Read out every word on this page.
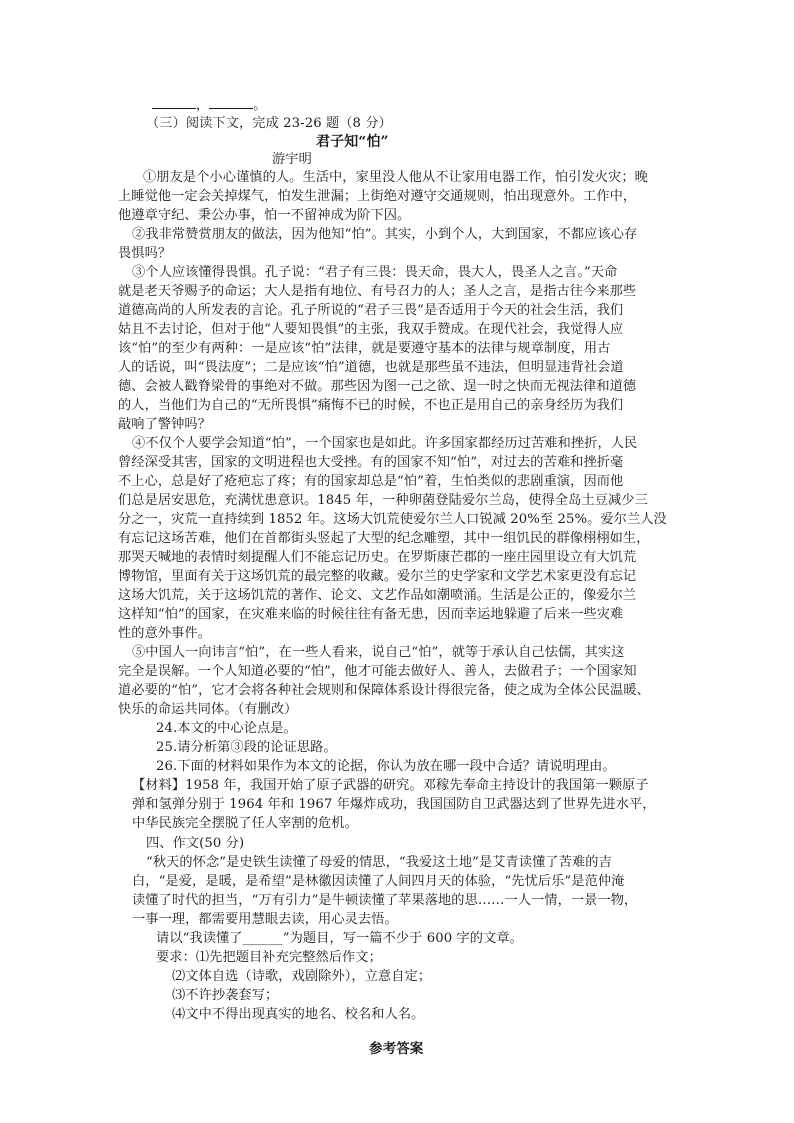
，	。
（三）阅读下文，完成 23-26 题（8 分）
君子知“怕”
游宇明
①朋友是个小心谨慎的人。生活中，家里没人他从不让家用电器工作，怕引发火灾；晚
上睡觉他一定会关掉煤气，怕发生泄漏；上街绝对遵守交通规则，怕出现意外。工作中，
他遵章守纪、秉公办事，怕一不留神成为阶下囚。
②我非常赞赏朋友的做法，因为他知“怕”。其实，小到个人，大到国家，不都应该心存
畏惧吗？
③个人应该懂得畏惧。孔子说：“君子有三畏：畏天命，畏大人，畏圣人之言。”天命
就是老天爷赐予的命运；大人是指有地位、有号召力的人；圣人之言，是指古往今来那些
道德高尚的人所发表的言论。孔子所说的“君子三畏”是否适用于今天的社会生活，我们
姑且不去讨论，但对于他“人要知畏惧”的主张，我双手赞成。在现代社会，我觉得人应
该“怕”的至少有两种：一是应该“怕”法律，就是要遵守基本的法律与规章制度，用古
人的话说，叫“畏法度”；二是应该“怕”道德，也就是那些虽不违法，但明显违背社会道
德、会被人戳脊梁骨的事绝对不做。那些因为图一己之欲、逞一时之快而无视法律和道德
的人，当他们为自己的“无所畏惧”痛悔不已的时候，不也正是用自己的亲身经历为我们
敲响了警钟吗？
④不仅个人要学会知道“怕”，一个国家也是如此。许多国家都经历过苦难和挫折，人民
曾经深受其害，国家的文明进程也大受挫。有的国家不知“怕”，对过去的苦难和挫折毫
不上心，总是好了疮疤忘了疼；有的国家却总是“怕”着，生怕类似的悲剧重演，因而他
们总是居安思危，充满忧患意识。1845 年，一种卵菌登陆爱尔兰岛，使得全岛土豆减少三
分之一，灾荒一直持续到 1852 年。这场大饥荒使爱尔兰人口锐减 20%至 25%。爱尔兰人没
有忘记这场苦难，他们在首都街头竖起了大型的纪念雕塑，其中一组饥民的群像栩栩如生，
那哭天喊地的表情时刻提醒人们不能忘记历史。在罗斯康芒郡的一座庄园里设立有大饥荒
博物馆，里面有关于这场饥荒的最完整的收藏。爱尔兰的史学家和文学艺术家更没有忘记
这场大饥荒，关于这场饥荒的著作、论文、文艺作品如潮喷涌。生活是公正的，像爱尔兰
这样知“怕”的国家，在灾难来临的时候往往有备无患，因而幸运地躲避了后来一些灾难
性的意外事件。
⑤中国人一向讳言“怕”，在一些人看来，说自己“怕”，就等于承认自己怯儒，其实这
完全是误解。一个人知道必要的“怕”，他才可能去做好人、善人，去做君子；一个国家知
道必要的“怕”，它才会将各种社会规则和保障体系设计得很完备，使之成为全体公民温暖、
快乐的命运共同体。（有删改）
24.本文的中心论点是。
25.请分析第③段的论证思路。
26.下面的材料如果作为本文的论据，你认为放在哪一段中合适？请说明理由。
【材料】1958 年，我国开始了原子武器的研究。邓稼先奉命主持设计的我国第一颗原子
弹和氢弹分别于 1964 年和 1967 年爆炸成功，我国国防自卫武器达到了世界先进水平，
中华民族完全摆脱了任人宰割的危机。
四、作文(50 分)
“秋天的怀念”是史铁生读懂了母爱的情思，“我爱这土地”是艾青读懂了苦难的吉
白，“是爱，是暖，是希望”是林徽因读懂了人间四月天的体验，“先忧后乐”是范仲淹
读懂了时代的担当，“万有引力”是牛顿读懂了苹果落地的思……一人一情，一景一物，
一事一理，都需要用慧眼去读，用心灵去悟。
请以“我读懂了______”为题目，写一篇不少于 600 字的文章。
要求：⑴先把题目补充完整然后作文；
⑵文体自选（诗歌，戏剧除外），立意自定；
⑶不许抄袭套写；
⑷文中不得出现真实的地名、校名和人名。
参考答案
